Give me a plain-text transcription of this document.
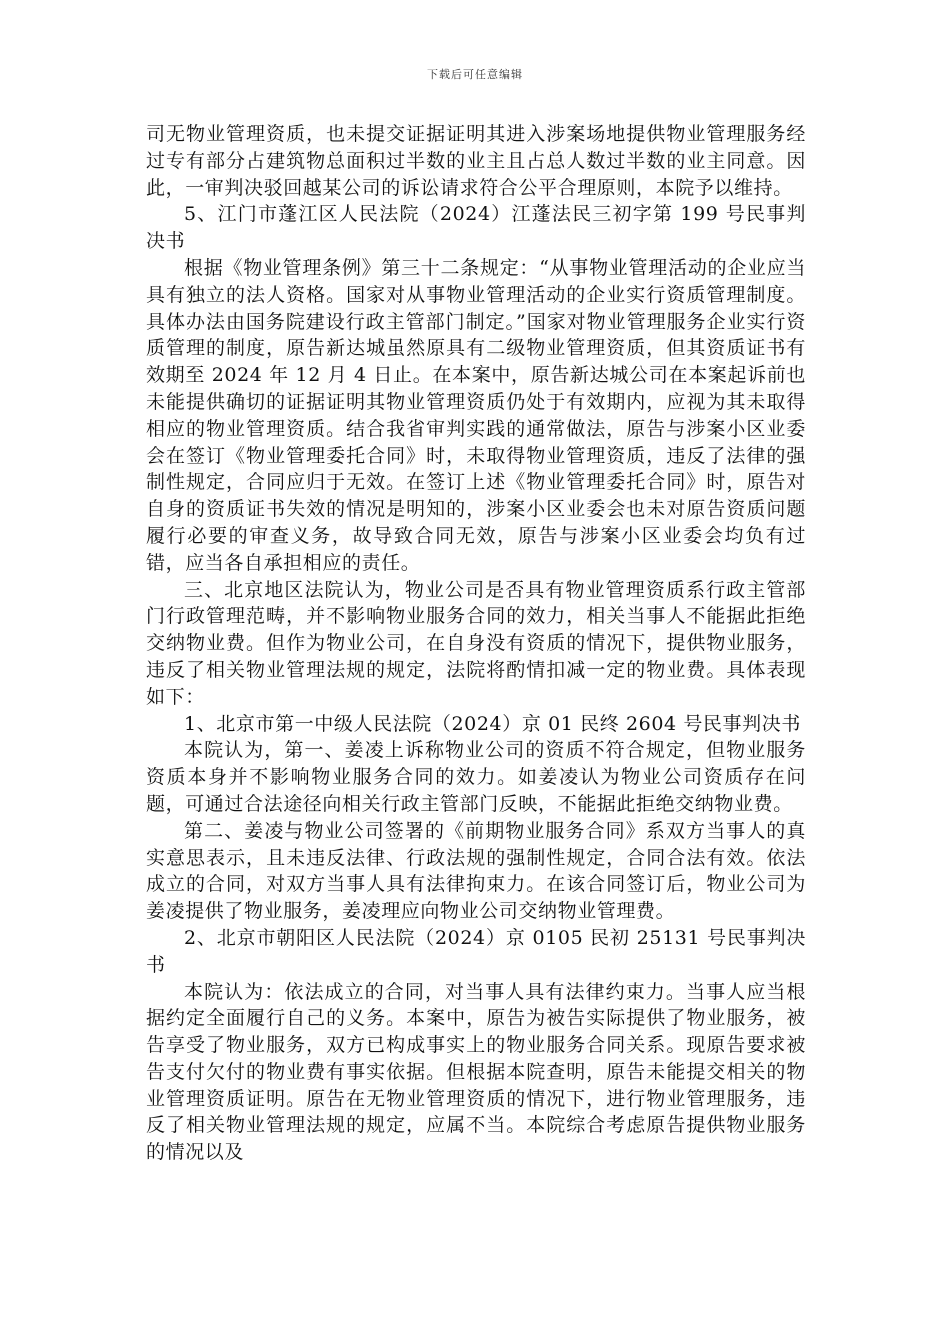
下载后可任意编辑

司无物业管理资质，也未提交证据证明其进入涉案场地提供物业管理服务经过专有部分占建筑物总面积过半数的业主且占总人数过半数的业主同意。因此，一审判决驳回越某公司的诉讼请求符合公平合理原则，本院予以维持。

5、江门市蓬江区人民法院（2024）江蓬法民三初字第 199 号民事判决书

根据《物业管理条例》第三十二条规定：“从事物业管理活动的企业应当具有独立的法人资格。国家对从事物业管理活动的企业实行资质管理制度。具体办法由国务院建设行政主管部门制定。”国家对物业管理服务企业实行资质管理的制度，原告新达城虽然原具有二级物业管理资质，但其资质证书有效期至 2024 年 12 月 4 日止。在本案中，原告新达城公司在本案起诉前也未能提供确切的证据证明其物业管理资质仍处于有效期内，应视为其未取得相应的物业管理资质。结合我省审判实践的通常做法，原告与涉案小区业委会在签订《物业管理委托合同》时，未取得物业管理资质，违反了法律的强制性规定，合同应归于无效。在签订上述《物业管理委托合同》时，原告对自身的资质证书失效的情况是明知的，涉案小区业委会也未对原告资质问题履行必要的审查义务，故导致合同无效，原告与涉案小区业委会均负有过错，应当各自承担相应的责任。

三、北京地区法院认为，物业公司是否具有物业管理资质系行政主管部门行政管理范畴，并不影响物业服务合同的效力，相关当事人不能据此拒绝交纳物业费。但作为物业公司，在自身没有资质的情况下，提供物业服务，违反了相关物业管理法规的规定，法院将酌情扣减一定的物业费。具体表现如下：

1、北京市第一中级人民法院（2024）京 01 民终 2604 号民事判决书

本院认为，第一、姜凌上诉称物业公司的资质不符合规定，但物业服务资质本身并不影响物业服务合同的效力。如姜凌认为物业公司资质存在问题，可通过合法途径向相关行政主管部门反映，不能据此拒绝交纳物业费。

第二、姜凌与物业公司签署的《前期物业服务合同》系双方当事人的真实意思表示，且未违反法律、行政法规的强制性规定，合同合法有效。依法成立的合同，对双方当事人具有法律拘束力。在该合同签订后，物业公司为姜凌提供了物业服务，姜凌理应向物业公司交纳物业管理费。

2、北京市朝阳区人民法院（2024）京 0105 民初 25131 号民事判决书

本院认为：依法成立的合同，对当事人具有法律约束力。当事人应当根据约定全面履行自己的义务。本案中，原告为被告实际提供了物业服务，被告享受了物业服务，双方已构成事实上的物业服务合同关系。现原告要求被告支付欠付的物业费有事实依据。但根据本院查明，原告未能提交相关的物业管理资质证明。原告在无物业管理资质的情况下，进行物业管理服务，违反了相关物业管理法规的规定，应属不当。本院综合考虑原告提供物业服务的情况以及
